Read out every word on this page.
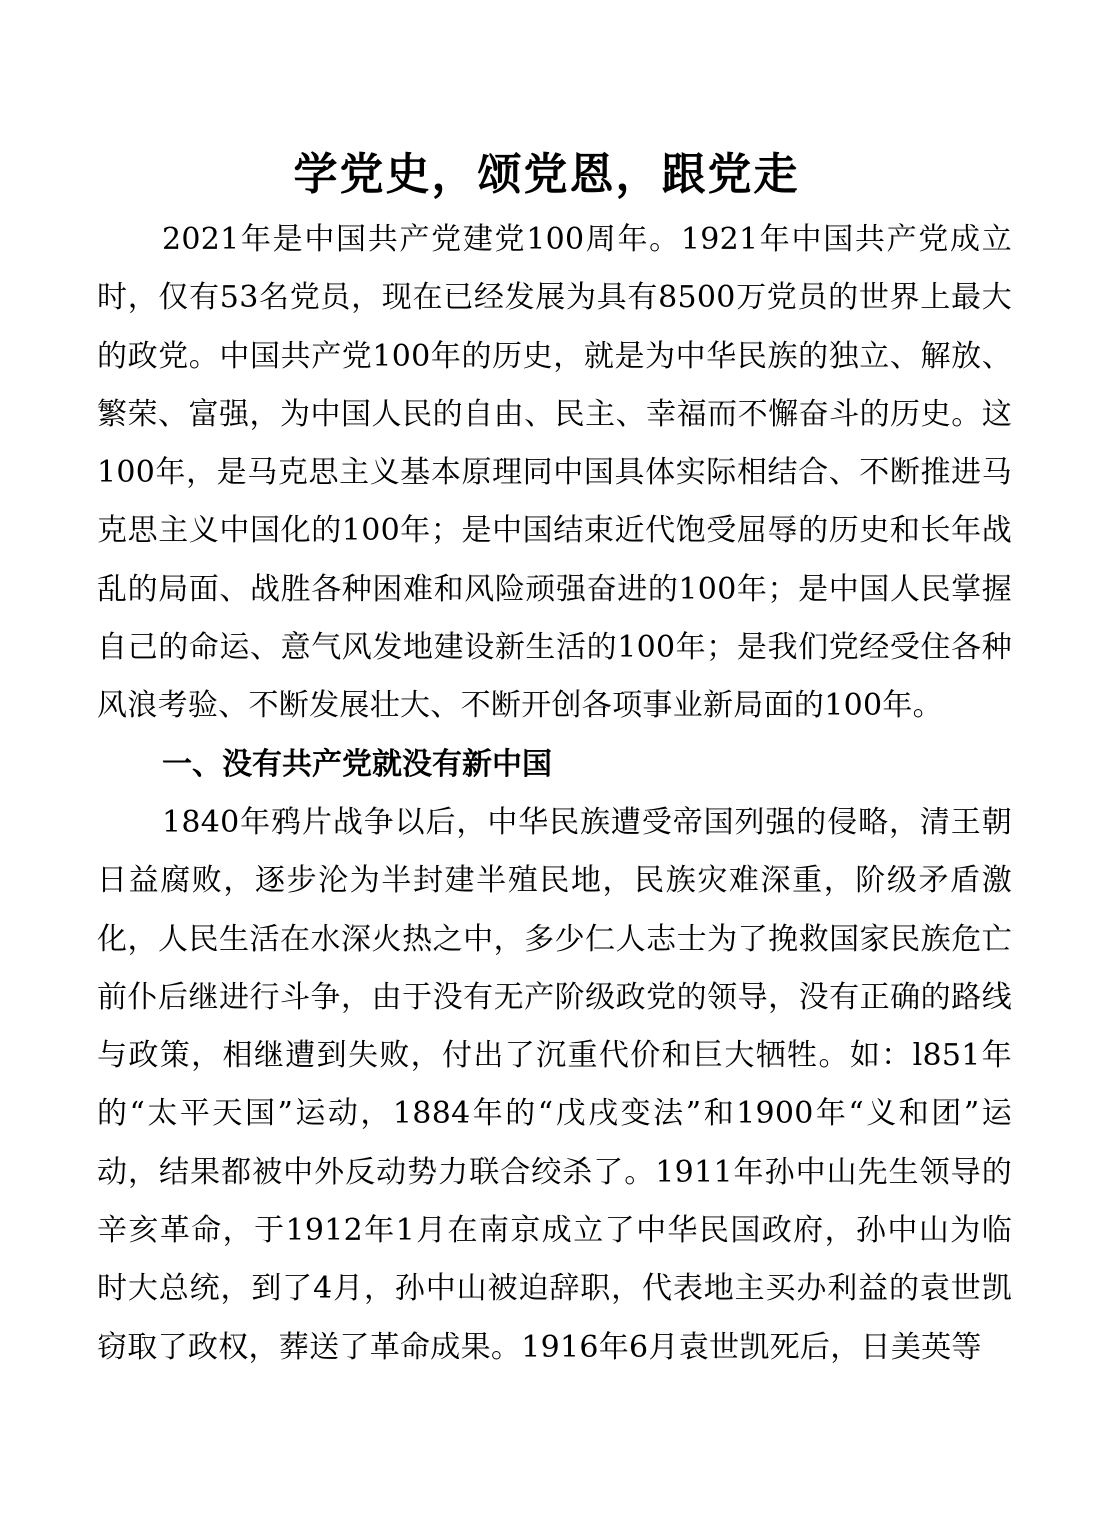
学党史，颂党恩，跟党走

2021年是中国共产党建党100周年。1921年中国共产党成立时，仅有53名党员，现在已经发展为具有8500万党员的世界上最大的政党。中国共产党100年的历史，就是为中华民族的独立、解放、繁荣、富强，为中国人民的自由、民主、幸福而不懈奋斗的历史。这100年，是马克思主义基本原理同中国具体实际相结合、不断推进马克思主义中国化的100年；是中国结束近代饱受屈辱的历史和长年战乱的局面、战胜各种困难和风险顽强奋进的100年；是中国人民掌握自己的命运、意气风发地建设新生活的100年；是我们党经受住各种风浪考验、不断发展壮大、不断开创各项事业新局面的100年。

一、没有共产党就没有新中国

1840年鸦片战争以后，中华民族遭受帝国列强的侵略，清王朝日益腐败，逐步沦为半封建半殖民地，民族灾难深重，阶级矛盾激化，人民生活在水深火热之中，多少仁人志士为了挽救国家民族危亡前仆后继进行斗争，由于没有无产阶级政党的领导，没有正确的路线与政策，相继遭到失败，付出了沉重代价和巨大牺牲。如：l851年的“太平天国”运动，1884年的“戊戌变法”和1900年“义和团”运动，结果都被中外反动势力联合绞杀了。1911年孙中山先生领导的辛亥革命，于1912年1月在南京成立了中华民国政府，孙中山为临时大总统，到了4月，孙中山被迫辞职，代表地主买办利益的袁世凯窃取了政权，葬送了革命成果。1916年6月袁世凯死后，日美英等
